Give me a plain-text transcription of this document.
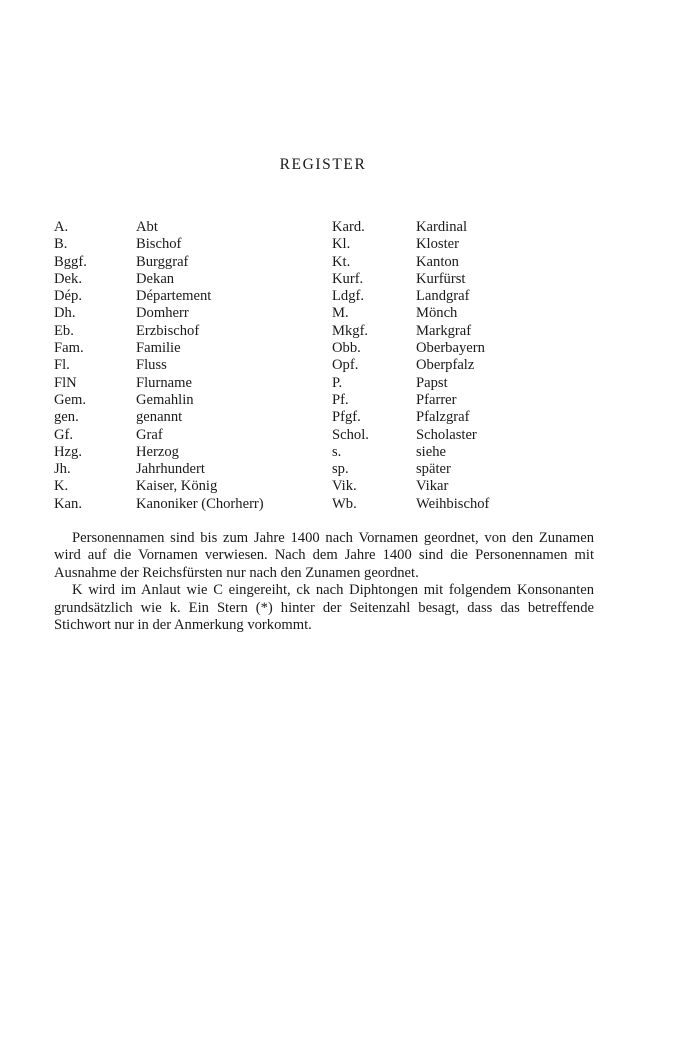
REGISTER
A.	Abt	Kard.	Kardinal
B.	Bischof	Kl.	Kloster
Bggf.	Burggraf	Kt.	Kanton
Dek.	Dekan	Kurf.	Kurfürst
Dép.	Département	Ldgf.	Landgraf
Dh.	Domherr	M.	Mönch
Eb.	Erzbischof	Mkgf.	Markgraf
Fam.	Familie	Obb.	Oberbayern
Fl.	Fluss	Opf.	Oberpfalz
FlN	Flurname	P.	Papst
Gem.	Gemahlin	Pf.	Pfarrer
gen.	genannt	Pfgf.	Pfalzgraf
Gf.	Graf	Schol.	Scholaster
Hzg.	Herzog	s.	siehe
Jh.	Jahrhundert	sp.	später
K.	Kaiser, König	Vik.	Vikar
Kan.	Kanoniker (Chorherr)	Wb.	Weihbischof

Personennamen sind bis zum Jahre 1400 nach Vornamen geordnet, von den Zunamen wird auf die Vornamen verwiesen. Nach dem Jahre 1400 sind die Personennamen mit Ausnahme der Reichsfürsten nur nach den Zunamen geordnet.

K wird im Anlaut wie C eingereiht, ck nach Diphtongen mit folgendem Konsonanten grundsätzlich wie k. Ein Stern (*) hinter der Seitenzahl besagt, dass das betreffende Stichwort nur in der Anmerkung vorkommt.
